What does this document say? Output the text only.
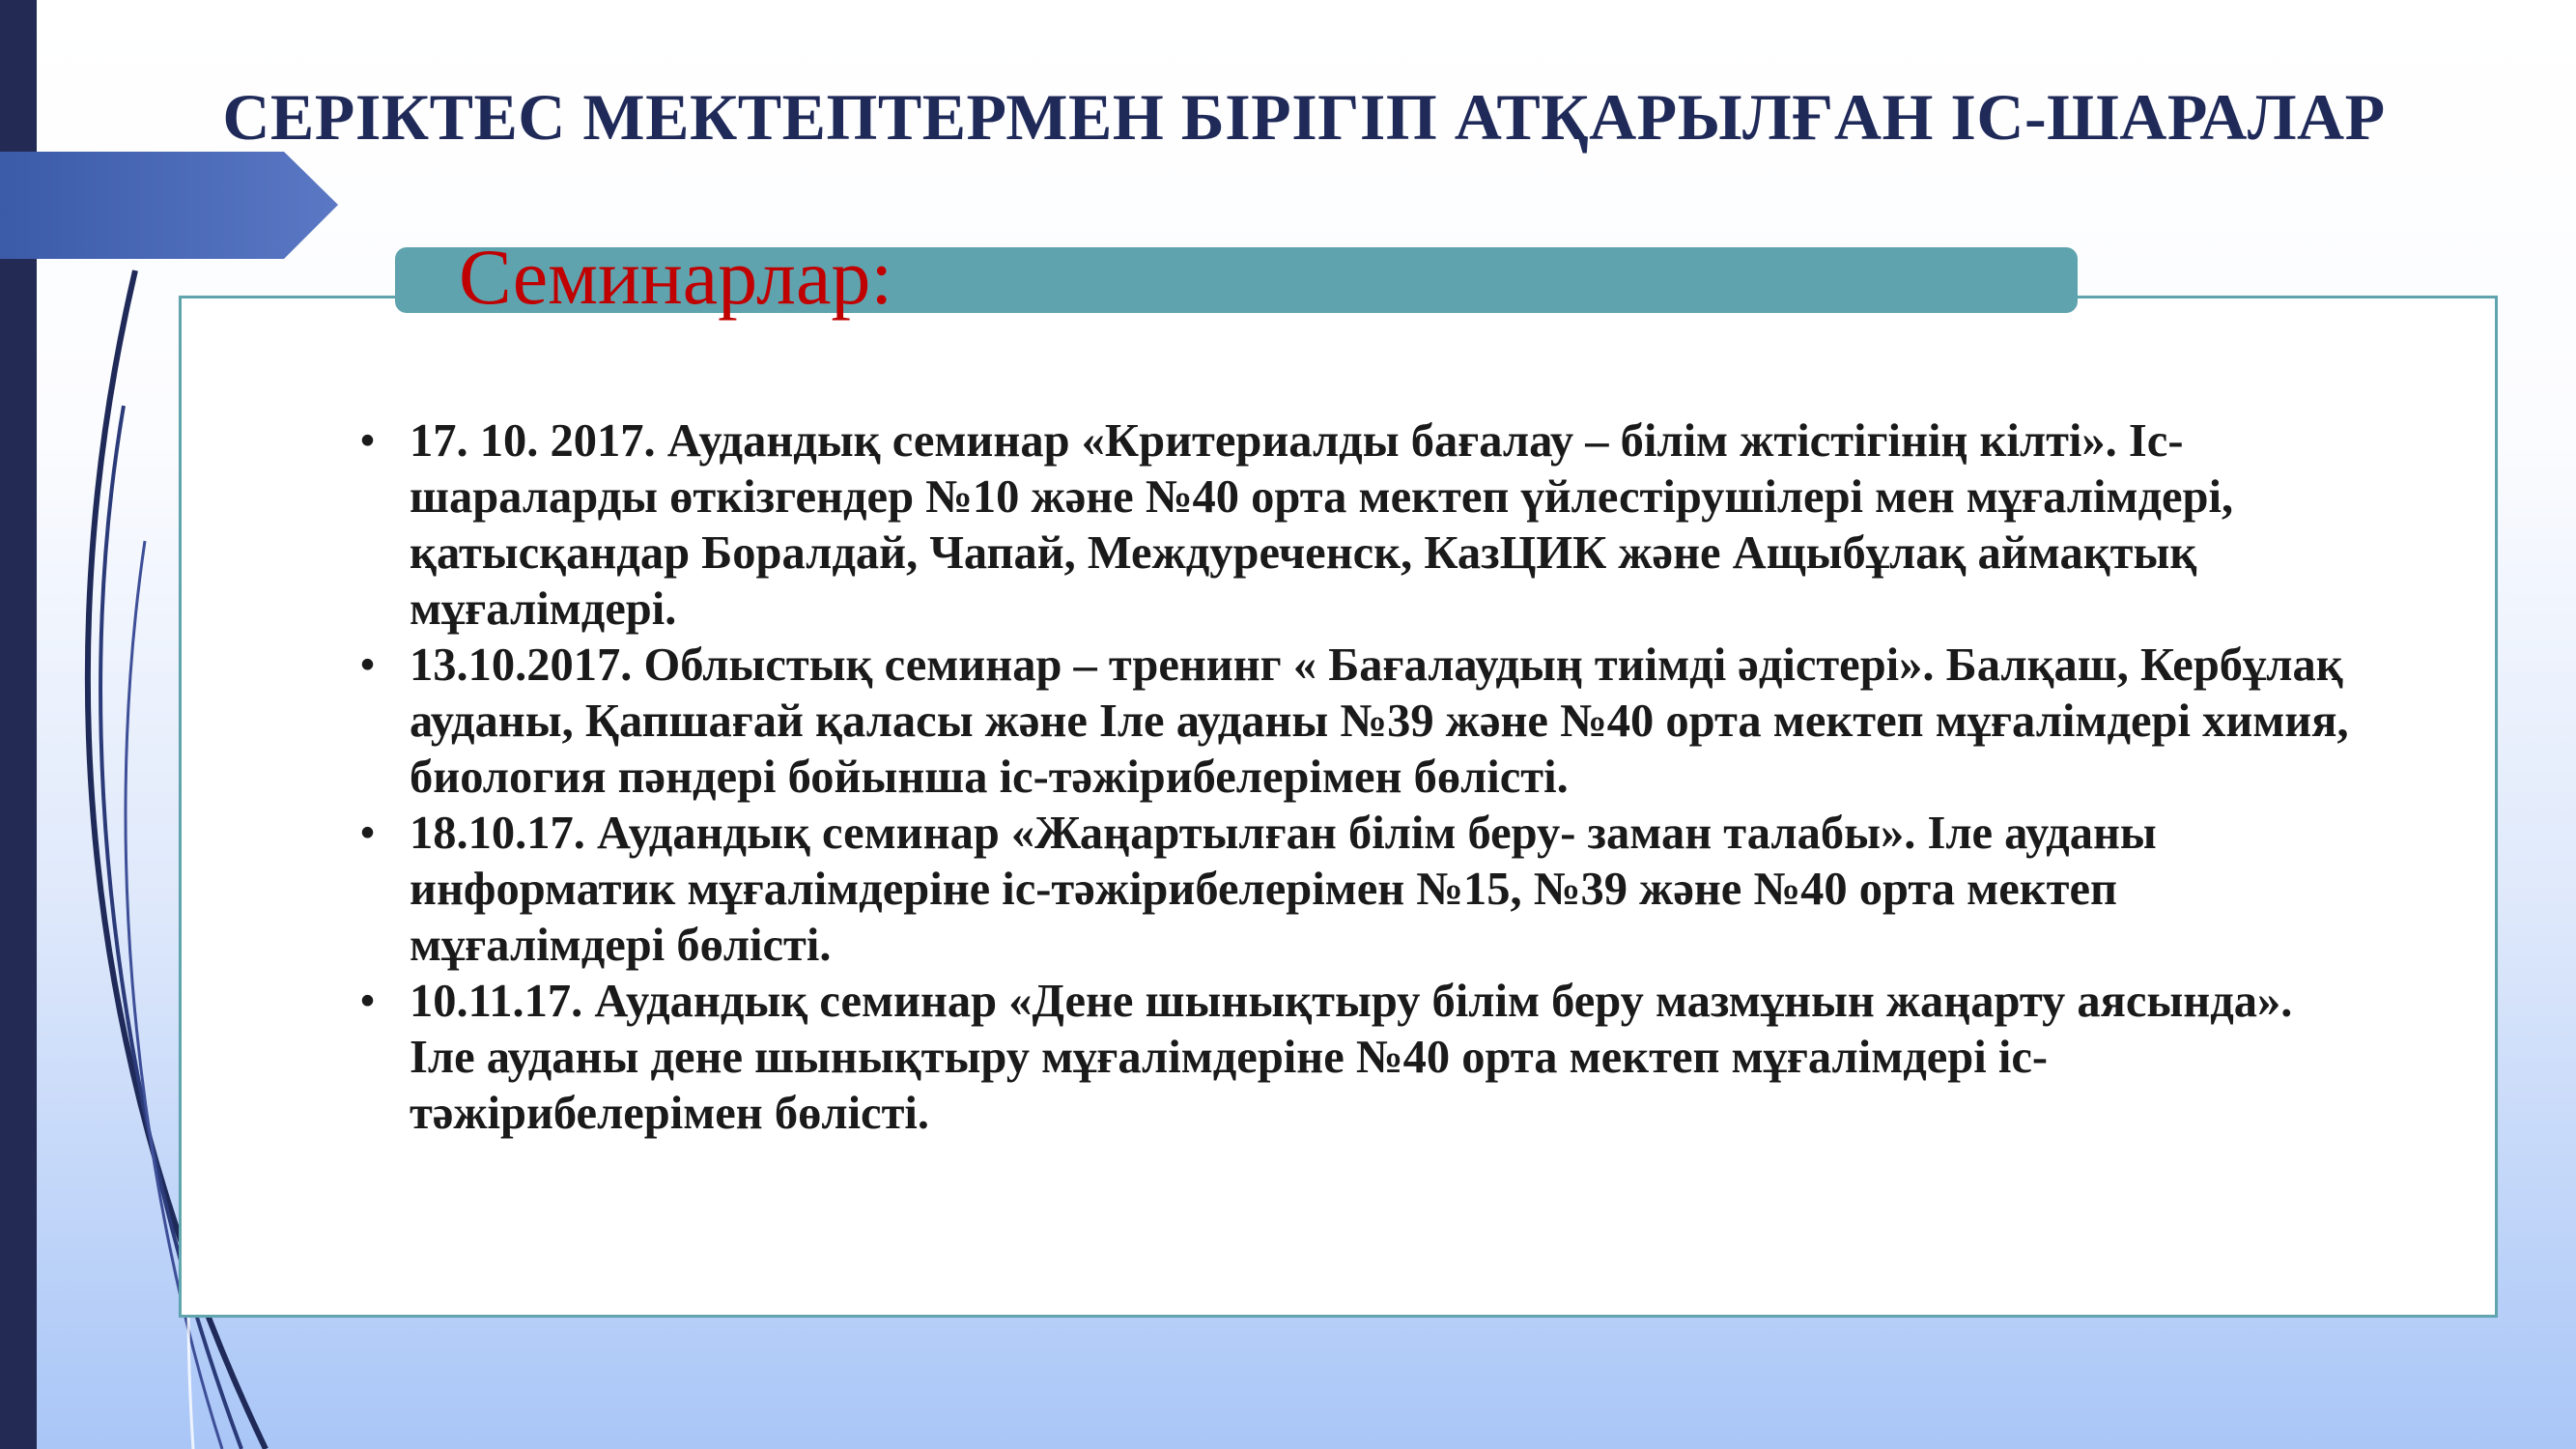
СЕРІКТЕС МЕКТЕПТЕРМЕН БІРІГІП АТҚАРЫЛҒАН ІС-ШАРАЛАР
Семинарлар:
• 17. 10. 2017. Аудандық семинар «Критериалды бағалау – білім жтістігінің кілті». Іс-шараларды өткізгендер №10 және №40 орта мектеп үйлестірушілері мен мұғалімдері, қатысқандар Боралдай, Чапай, Междуреченск, КазЦИК және Ащыбұлақ аймақтық мұғалімдері.
• 13.10.2017. Облыстық семинар – тренинг « Бағалаудың тиімді әдістері». Балқаш, Кербұлақ ауданы, Қапшағай қаласы және Іле ауданы №39 және №40 орта мектеп мұғалімдері химия, биология пәндері бойынша іс-тәжірибелерімен бөлісті.
• 18.10.17. Аудандық семинар «Жаңартылған білім беру- заман талабы». Іле ауданы информатик мұғалімдеріне іс-тәжірибелерімен №15, №39 және №40 орта мектеп мұғалімдері бөлісті.
• 10.11.17. Аудандық семинар «Дене шынықтыру білім беру мазмұнын жаңарту аясында». Іле ауданы дене шынықтыру мұғалімдеріне №40 орта мектеп мұғалімдері іс-тәжірибелерімен бөлісті.
